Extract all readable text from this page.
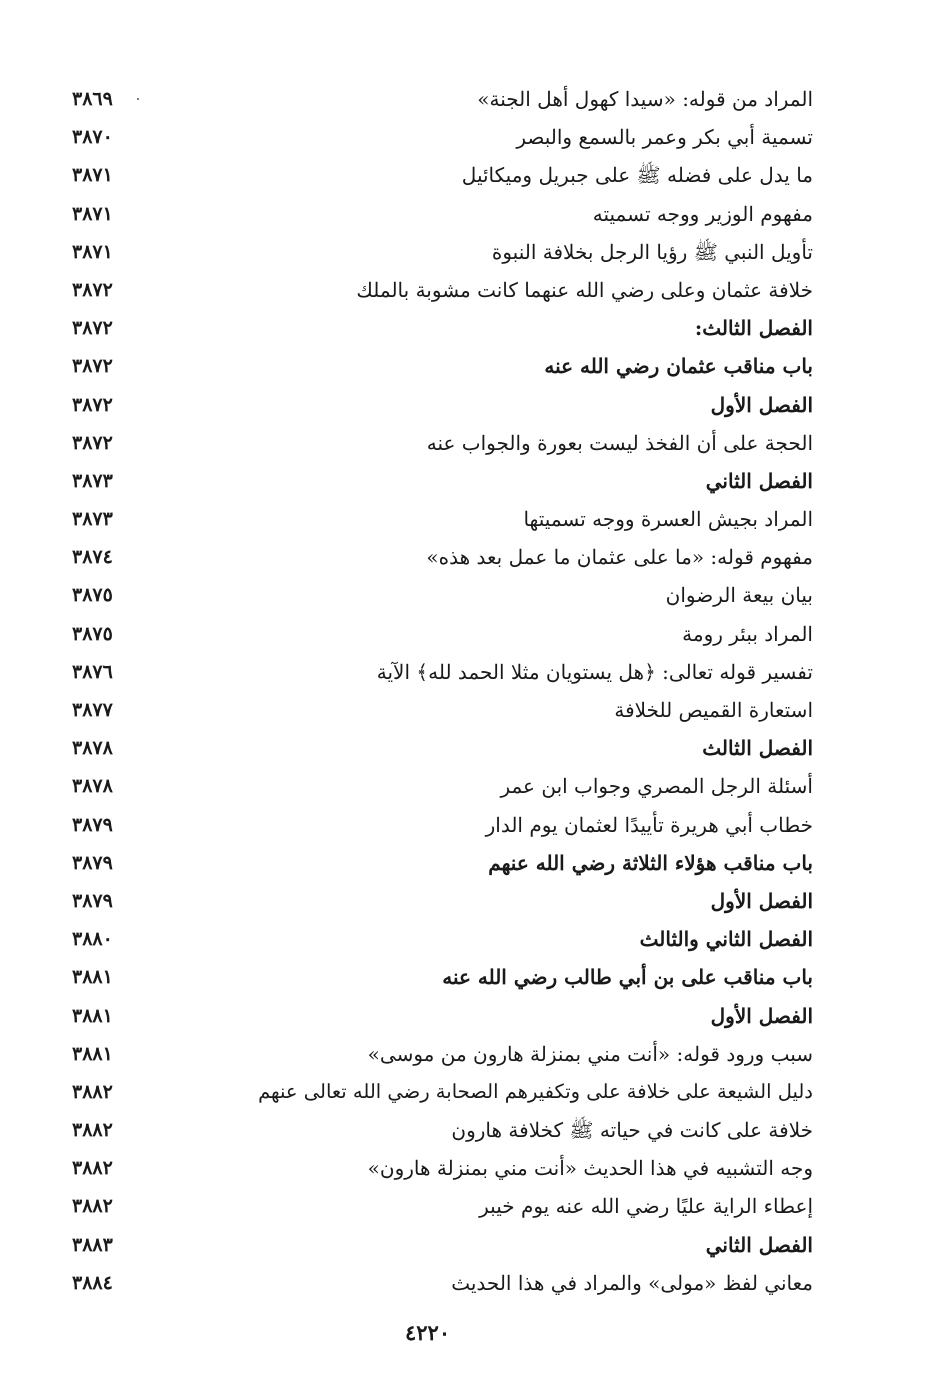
المراد من قوله: «سيدا كهول أهل الجنة»
٣٨٦٩
تسمية أبي بكر وعمر بالسمع والبصر
٣٨٧٠
ما يدل على فضله ﷺ على جبريل وميكائيل
٣٨٧١
مفهوم الوزير ووجه تسميته
٣٨٧١
تأويل النبي ﷺ رؤيا الرجل بخلافة النبوة
٣٨٧١
خلافة عثمان وعلى رضي الله عنهما كانت مشوبة بالملك
٣٨٧٢
الفصل الثالث:
٣٨٧٢
باب مناقب عثمان رضي الله عنه
٣٨٧٢
الفصل الأول
٣٨٧٢
الحجة على أن الفخذ ليست بعورة والجواب عنه
٣٨٧٢
الفصل الثاني
٣٨٧٣
المراد بجيش العسرة ووجه تسميتها
٣٨٧٣
مفهوم قوله: «ما على عثمان ما عمل بعد هذه»
٣٨٧٤
بيان بيعة الرضوان
٣٨٧٥
المراد ببئر رومة
٣٨٧٥
تفسير قوله تعالى: ﴿هل يستويان مثلا الحمد لله﴾ الآية
٣٨٧٦
استعارة القميص للخلافة
٣٨٧٧
الفصل الثالث
٣٨٧٨
أسئلة الرجل المصري وجواب ابن عمر
٣٨٧٨
خطاب أبي هريرة تأييدًا لعثمان يوم الدار
٣٨٧٩
باب مناقب هؤلاء الثلاثة رضي الله عنهم
٣٨٧٩
الفصل الأول
٣٨٧٩
الفصل الثاني والثالث
٣٨٨٠
باب مناقب على بن أبي طالب رضي الله عنه
٣٨٨١
الفصل الأول
٣٨٨١
سبب ورود قوله: «أنت مني بمنزلة هارون من موسى»
٣٨٨١
دليل الشيعة على خلافة على وتكفيرهم الصحابة رضي الله تعالى عنهم
٣٨٨٢
خلافة على كانت في حياته ﷺ كخلافة هارون
٣٨٨٢
وجه التشبيه في هذا الحديث «أنت مني بمنزلة هارون»
٣٨٨٢
إعطاء الراية عليًا رضي الله عنه يوم خيبر
٣٨٨٢
الفصل الثاني
٣٨٨٣
معاني لفظ «مولى» والمراد في هذا الحديث
٣٨٨٤
٤٢٢٠
